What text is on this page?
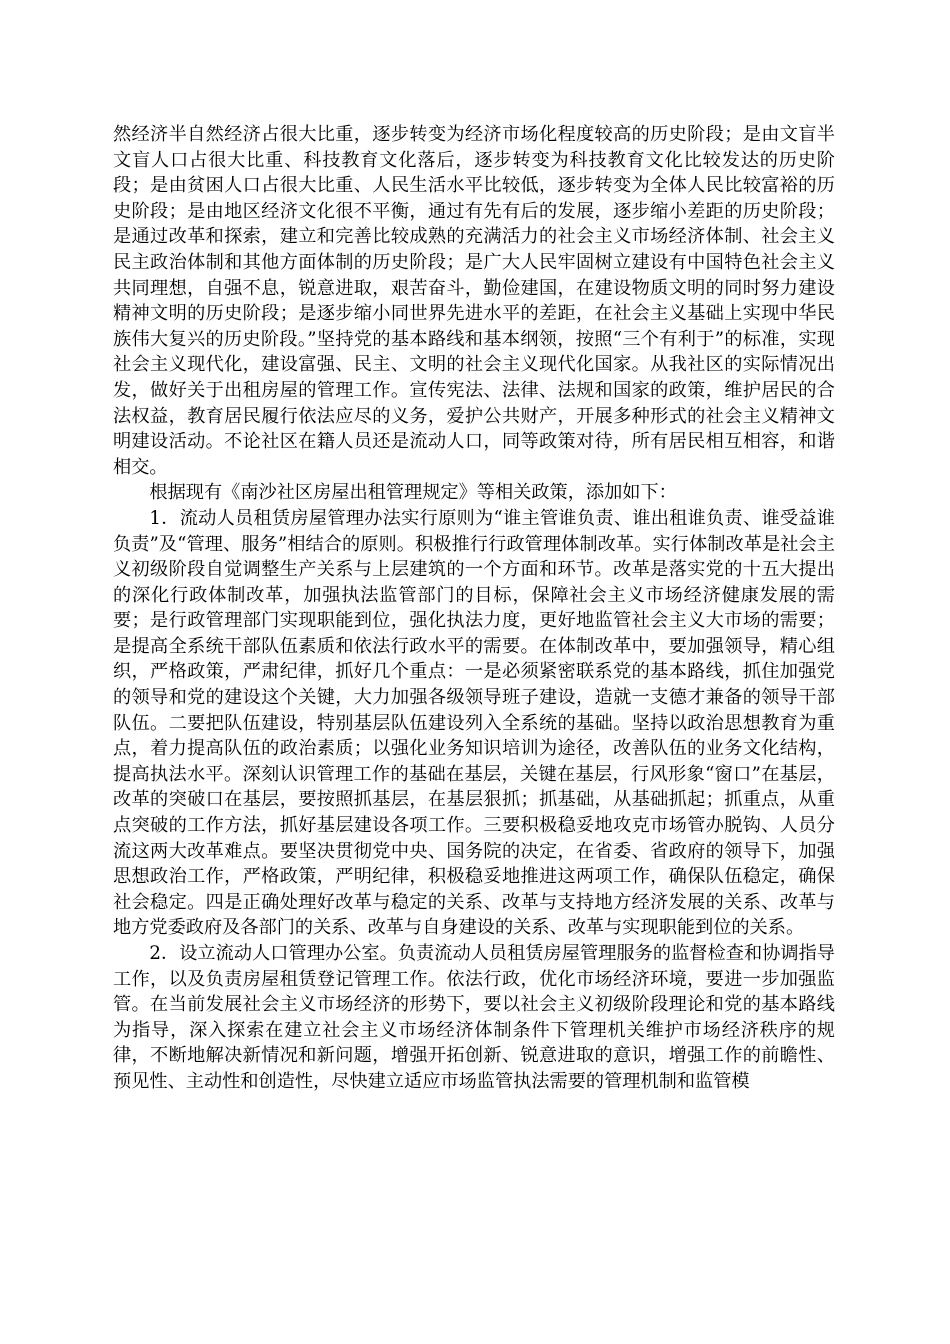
然经济半自然经济占很大比重，逐步转变为经济市场化程度较高的历史阶段；是由文盲半文盲人口占很大比重、科技教育文化落后，逐步转变为科技教育文化比较发达的历史阶段；是由贫困人口占很大比重、人民生活水平比较低，逐步转变为全体人民比较富裕的历史阶段；是由地区经济文化很不平衡，通过有先有后的发展，逐步缩小差距的历史阶段；是通过改革和探索，建立和完善比较成熟的充满活力的社会主义市场经济体制、社会主义民主政治体制和其他方面体制的历史阶段；是广大人民牢固树立建设有中国特色社会主义共同理想，自强不息，锐意进取，艰苦奋斗，勤俭建国，在建设物质文明的同时努力建设精神文明的历史阶段；是逐步缩小同世界先进水平的差距，在社会主义基础上实现中华民族伟大复兴的历史阶段。”坚持党的基本路线和基本纲领，按照“三个有利于”的标准，实现社会主义现代化，建设富强、民主、文明的社会主义现代化国家。从我社区的实际情况出发，做好关于出租房屋的管理工作。宣传宪法、法律、法规和国家的政策，维护居民的合法权益，教育居民履行依法应尽的义务，爱护公共财产，开展多种形式的社会主义精神文明建设活动。不论社区在籍人员还是流动人口，同等政策对待，所有居民相互相容，和谐相交。

根据现有《南沙社区房屋出租管理规定》等相关政策，添加如下：

1．流动人员租赁房屋管理办法实行原则为“谁主管谁负责、谁出租谁负责、谁受益谁负责”及“管理、服务”相结合的原则。积极推行行政管理体制改革。实行体制改革是社会主义初级阶段自觉调整生产关系与上层建筑的一个方面和环节。改革是落实党的十五大提出的深化行政体制改革，加强执法监管部门的目标，保障社会主义市场经济健康发展的需要；是行政管理部门实现职能到位，强化执法力度，更好地监管社会主义大市场的需要；是提高全系统干部队伍素质和依法行政水平的需要。在体制改革中，要加强领导，精心组织，严格政策，严肃纪律，抓好几个重点：一是必须紧密联系党的基本路线，抓住加强党的领导和党的建设这个关键，大力加强各级领导班子建设，造就一支德才兼备的领导干部队伍。二要把队伍建设，特别基层队伍建设列入全系统的基础。坚持以政治思想教育为重点，着力提高队伍的政治素质；以强化业务知识培训为途径，改善队伍的业务文化结构，提高执法水平。深刻认识管理工作的基础在基层，关键在基层，行风形象“窗口”在基层，改革的突破口在基层，要按照抓基层，在基层狠抓；抓基础，从基础抓起；抓重点，从重点突破的工作方法，抓好基层建设各项工作。三要积极稳妥地攻克市场管办脱钩、人员分流这两大改革难点。要坚决贯彻党中央、国务院的决定，在省委、省政府的领导下，加强思想政治工作，严格政策，严明纪律，积极稳妥地推进这两项工作，确保队伍稳定，确保社会稳定。四是正确处理好改革与稳定的关系、改革与支持地方经济发展的关系、改革与地方党委政府及各部门的关系、改革与自身建设的关系、改革与实现职能到位的关系。

2．设立流动人口管理办公室。负责流动人员租赁房屋管理服务的监督检查和协调指导工作，以及负责房屋租赁登记管理工作。依法行政，优化市场经济环境，要进一步加强监管。在当前发展社会主义市场经济的形势下，要以社会主义初级阶段理论和党的基本路线为指导，深入探索在建立社会主义市场经济体制条件下管理机关维护市场经济秩序的规律，不断地解决新情况和新问题，增强开拓创新、锐意进取的意识，增强工作的前瞻性、预见性、主动性和创造性，尽快建立适应市场监管执法需要的管理机制和监管模
